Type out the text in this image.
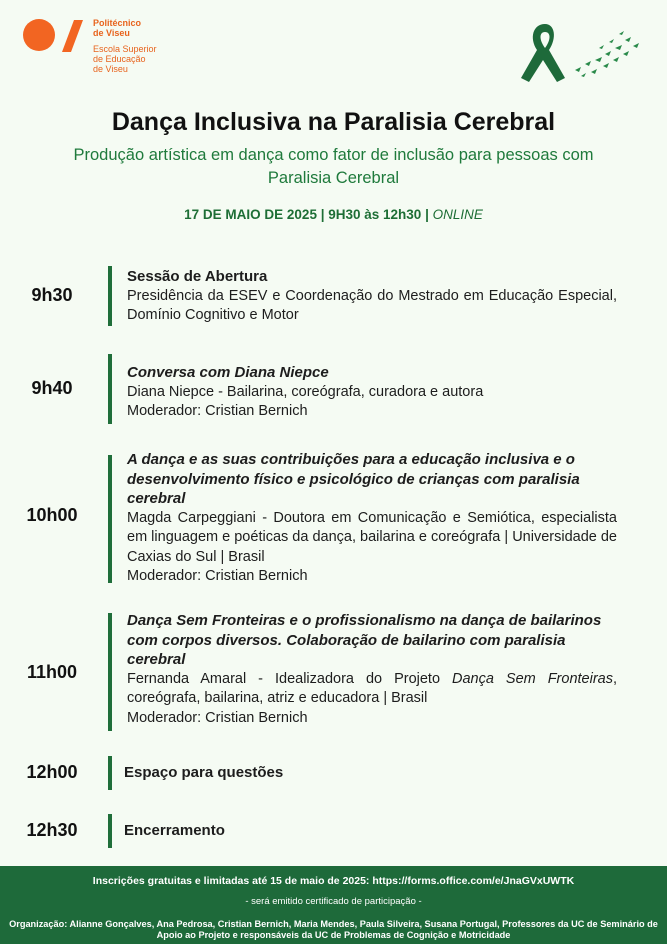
Politécnico
de Viseu
Escola Superior
de Educação
de Viseu
Dança Inclusiva na Paralisia Cerebral
Produção artística em dança como fator de inclusão para pessoas com Paralisia Cerebral
17 DE MAIO DE 2025 | 9H30 às 12h30 | ONLINE
9h30
Sessão de Abertura
Presidência da ESEV e Coordenação do Mestrado em Educação Especial, Domínio Cognitivo e Motor
9h40
Conversa com Diana Niepce
Diana Niepce - Bailarina, coreógrafa, curadora e autora
Moderador: Cristian Bernich
10h00
A dança e as suas contribuições para a educação inclusiva e o desenvolvimento físico e psicológico de crianças com paralisia cerebral
Magda Carpeggiani - Doutora em Comunicação e Semiótica, especialista em linguagem e poéticas da dança, bailarina e coreógrafa | Universidade de Caxias do Sul | Brasil
Moderador: Cristian Bernich
11h00
Dança Sem Fronteiras e o profissionalismo na dança de bailarinos com corpos diversos. Colaboração de bailarino com paralisia cerebral
Fernanda Amaral - Idealizadora do Projeto Dança Sem Fronteiras, coreógrafa, bailarina, atriz e educadora | Brasil
Moderador: Cristian Bernich
12h00	Espaço para questões
12h30	Encerramento
Inscrições gratuitas e limitadas até 15 de maio de 2025: https://forms.office.com/e/JnaGVxUWTK
- será emitido certificado de participação -
Organização: Alianne Gonçalves, Ana Pedrosa, Cristian Bernich, Maria Mendes, Paula Silveira, Susana Portugal, Professores da UC de Seminário de Apoio ao Projeto e responsáveis da UC de Problemas de Cognição e Motricidade
